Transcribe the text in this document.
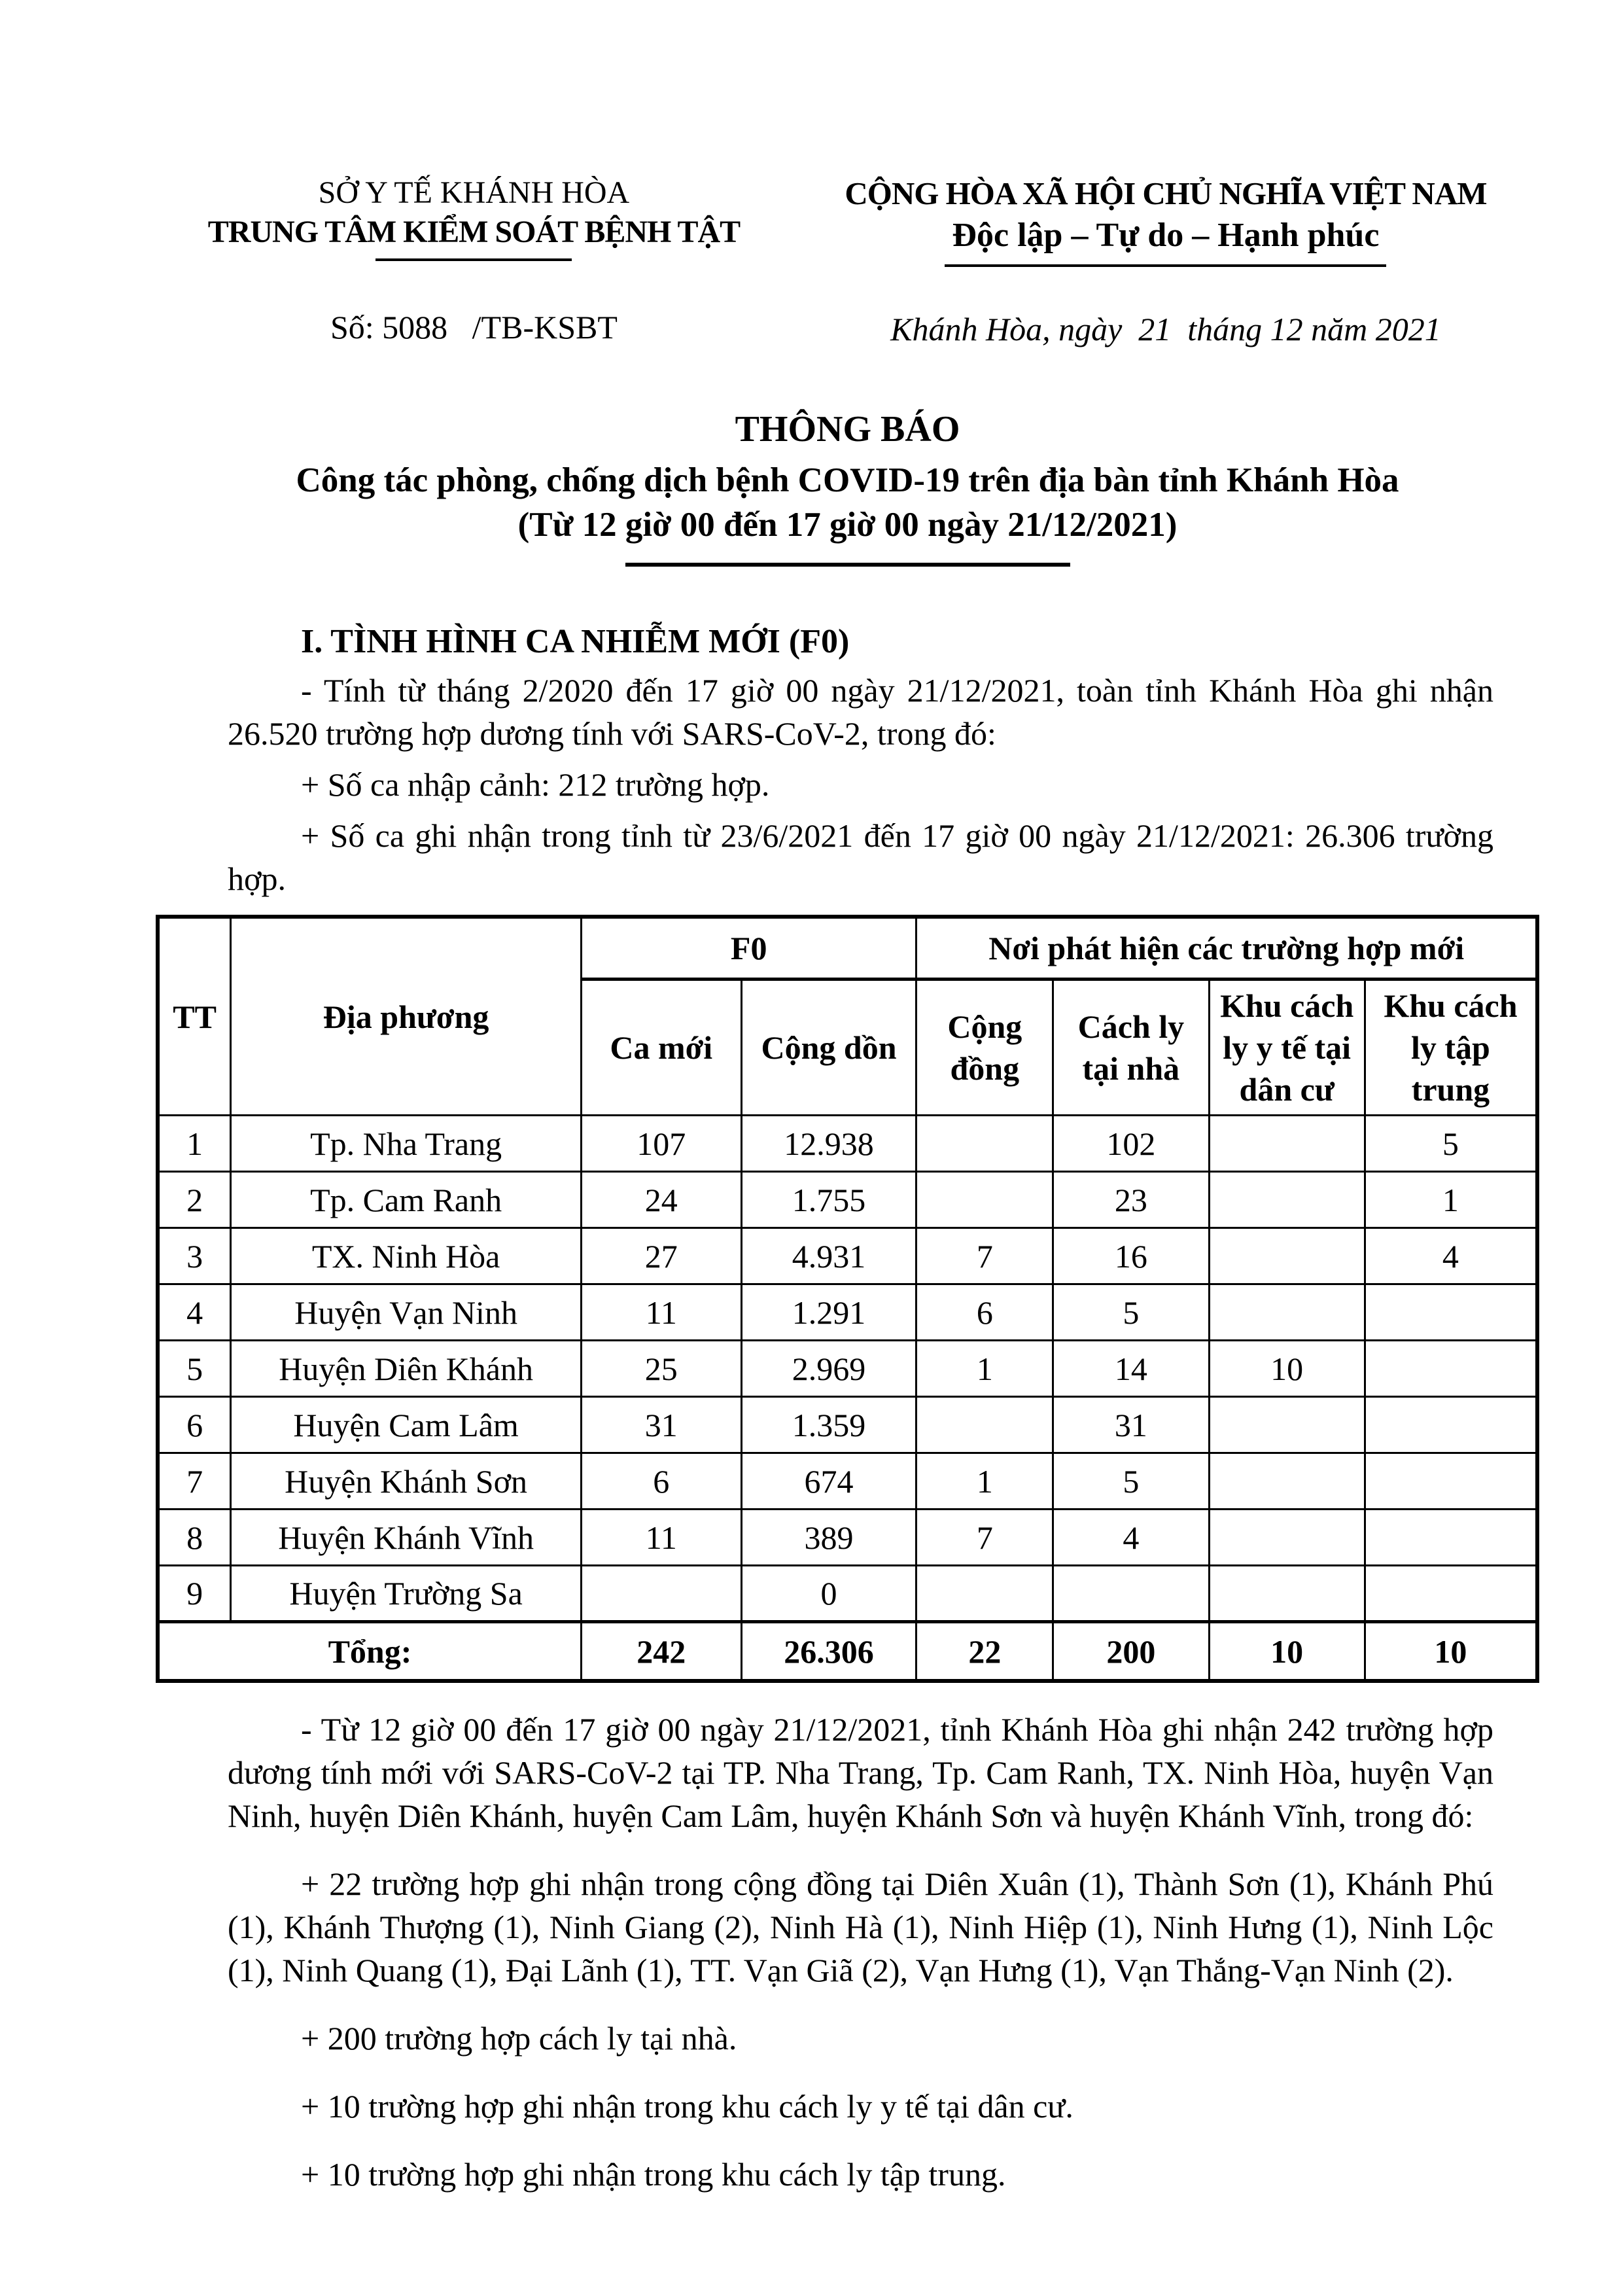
SỞ Y TẾ KHÁNH HÒA
TRUNG TÂM KIỂM SOÁT BỆNH TẬT
Số: 5088   /TB-KSBT
CỘNG HÒA XÃ HỘI CHỦ NGHĨA VIỆT NAM
Độc lập – Tự do – Hạnh phúc
Khánh Hòa, ngày  21  tháng 12 năm 2021
THÔNG BÁO
Công tác phòng, chống dịch bệnh COVID-19 trên địa bàn tỉnh Khánh Hòa
(Từ 12 giờ 00 đến 17 giờ 00 ngày 21/12/2021)
I. TÌNH HÌNH CA NHIỄM MỚI (F0)

- Tính từ tháng 2/2020 đến 17 giờ 00 ngày 21/12/2021, toàn tỉnh Khánh Hòa ghi nhận 26.520 trường hợp dương tính với SARS-CoV-2, trong đó:

+ Số ca nhập cảnh: 212 trường hợp.

+ Số ca ghi nhận trong tỉnh từ 23/6/2021 đến 17 giờ 00 ngày 21/12/2021: 26.306 trường hợp.

TT	Địa phương	F0		Nơi phát hiện các trường hợp mới			
		Ca mới	Cộng dồn	Cộng đồng	Cách ly tại nhà	Khu cách ly y tế tại dân cư	Khu cách ly tập trung
1	Tp. Nha Trang	107	12.938		102		5
2	Tp. Cam Ranh	24	1.755		23		1
3	TX. Ninh Hòa	27	4.931	7	16		4
4	Huyện Vạn Ninh	11	1.291	6	5		
5	Huyện Diên Khánh	25	2.969	1	14	10	
6	Huyện Cam Lâm	31	1.359		31		
7	Huyện Khánh Sơn	6	674	1	5		
8	Huyện Khánh Vĩnh	11	389	7	4		
9	Huyện Trường Sa		0				
Tổng:		242	26.306	22	200	10	10

- Từ 12 giờ 00 đến 17 giờ 00 ngày 21/12/2021, tỉnh Khánh Hòa ghi nhận 242 trường hợp dương tính mới với SARS-CoV-2 tại TP. Nha Trang, Tp. Cam Ranh, TX. Ninh Hòa, huyện Vạn Ninh, huyện Diên Khánh, huyện Cam Lâm, huyện Khánh Sơn và huyện Khánh Vĩnh, trong đó:

+ 22 trường hợp ghi nhận trong cộng đồng tại Diên Xuân (1), Thành Sơn (1), Khánh Phú (1), Khánh Thượng (1), Ninh Giang (2), Ninh Hà (1), Ninh Hiệp (1), Ninh Hưng (1), Ninh Lộc (1), Ninh Quang (1), Đại Lãnh (1), TT. Vạn Giã (2), Vạn Hưng (1), Vạn Thắng-Vạn Ninh (2).

+ 200 trường hợp cách ly tại nhà.

+ 10 trường hợp ghi nhận trong khu cách ly y tế tại dân cư.

+ 10 trường hợp ghi nhận trong khu cách ly tập trung.
